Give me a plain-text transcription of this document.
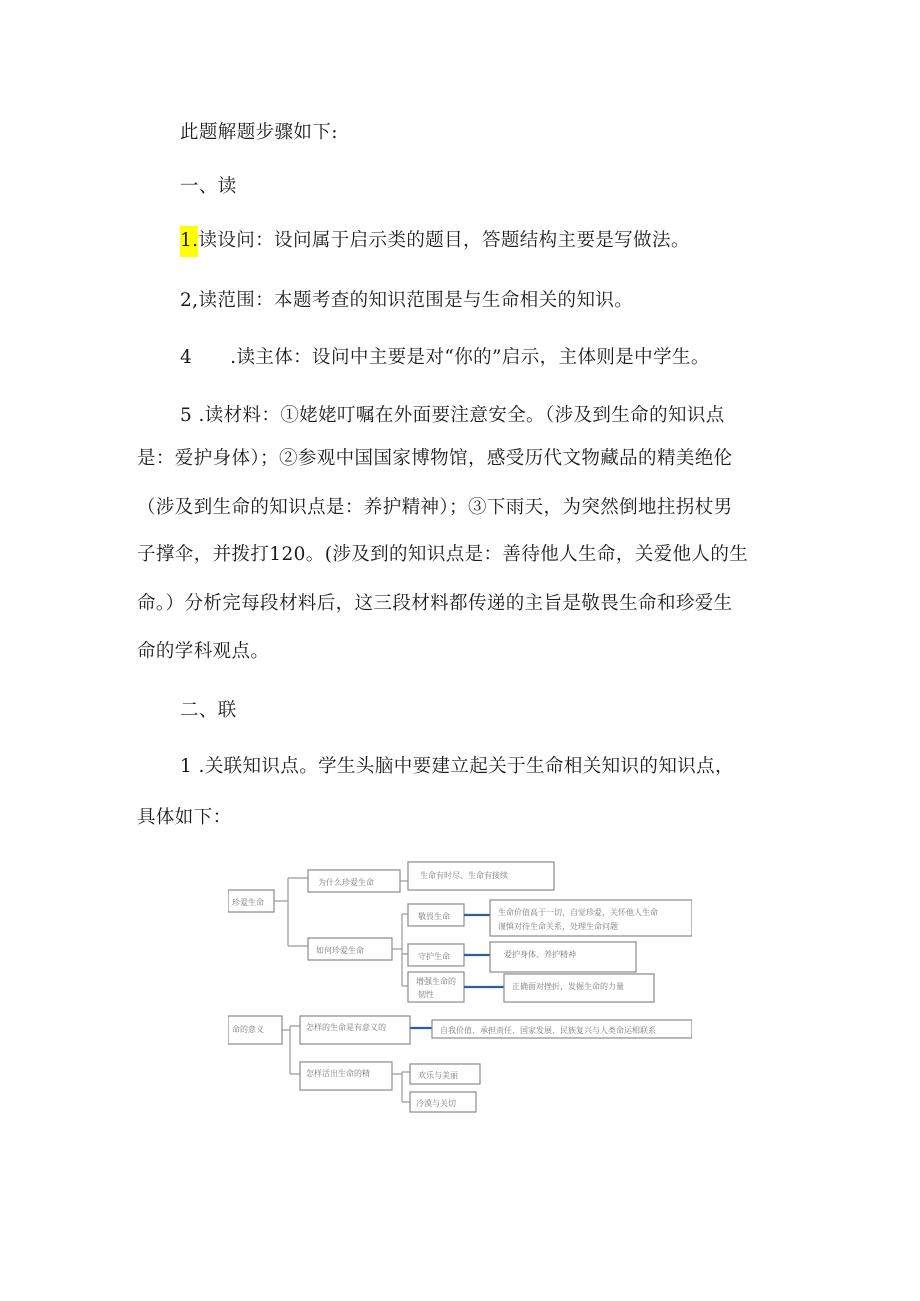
此题解题步骤如下:
一、读
1.读设问：设问属于启示类的题目，答题结构主要是写做法。
2,读范围：本题考查的知识范围是与生命相关的知识。
4 .读主体：设问中主要是对“你的”启示，主体则是中学生。
5 .读材料：①姥姥叮嘱在外面要注意安全。（涉及到生命的知识点
是：爱护身体）；②参观中国国家博物馆，感受历代文物藏品的精美绝伦
（涉及到生命的知识点是：养护精神）；③下雨天，为突然倒地拄拐杖男
子撑伞，并拨打120。(涉及到的知识点是：善待他人生命，关爱他人的生
命。）分析完每段材料后，这三段材料都传递的主旨是敬畏生命和珍爱生
命的学科观点。
二、联
1 .关联知识点。学生头脑中要建立起关于生命相关知识的知识点，
具体如下：
珍爱生命
为什么珍爱生命
生命有时尽、生命有接续
如何珍爱生命
敬畏生命	生命价值高于一切，自觉珍爱，关怀他人生命
谨慎对待生命关系，处理生命问题
守护生命	爱护身体、养护精神
增强生命的
韧性
正确面对挫折，发掘生命的力量
命的意义	怎样的生命是有意义的	自我价值、承担责任、国家发展、民族复兴与人类命运相联系
怎样活出生命的精	欢乐与美丽
冷漠与关切
